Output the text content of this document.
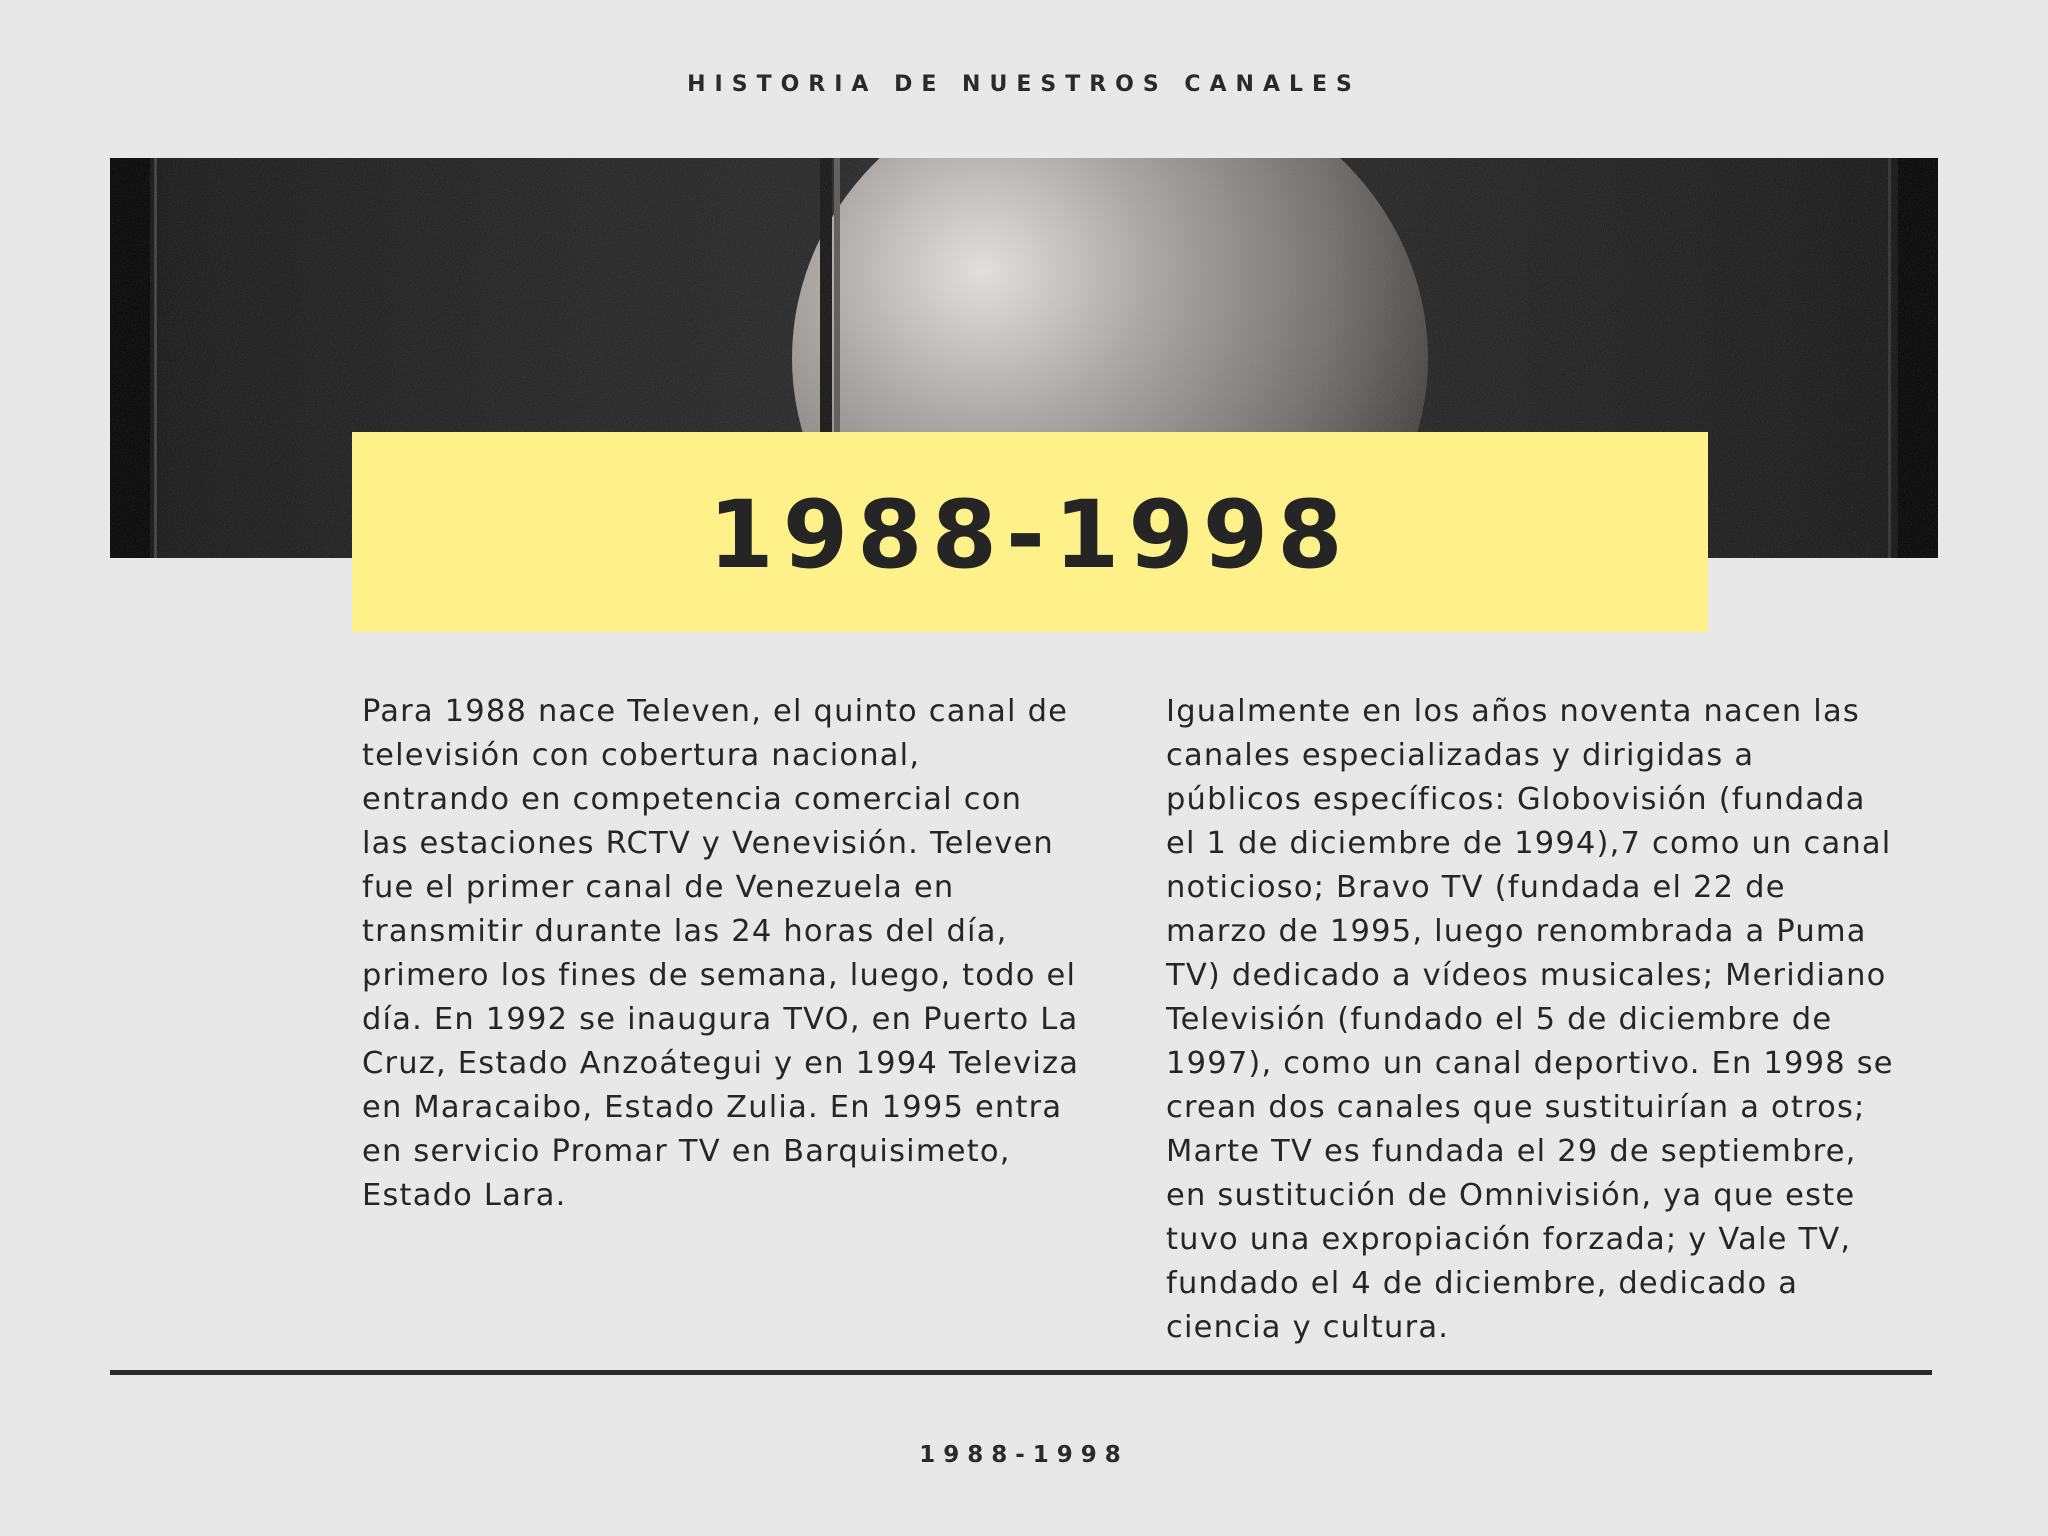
HISTORIA DE NUESTROS CANALES
1988-1998
Para 1988 nace Televen, el quinto canal de
televisión con cobertura nacional,
entrando en competencia comercial con
las estaciones RCTV y Venevisión. Televen
fue el primer canal de Venezuela en
transmitir durante las 24 horas del día,
primero los fines de semana, luego, todo el
día. En 1992 se inaugura TVO, en Puerto La
Cruz, Estado Anzoátegui y en 1994 Televiza
en Maracaibo, Estado Zulia. En 1995 entra
en servicio Promar TV en Barquisimeto,
Estado Lara.
Igualmente en los años noventa nacen las
canales especializadas y dirigidas a
públicos específicos: Globovisión (fundada
el 1 de diciembre de 1994),7 como un canal
noticioso; Bravo TV (fundada el 22 de
marzo de 1995, luego renombrada a Puma
TV) dedicado a vídeos musicales; Meridiano
Televisión (fundado el 5 de diciembre de
1997), como un canal deportivo. En 1998 se
crean dos canales que sustituirían a otros;
Marte TV es fundada el 29 de septiembre,
en sustitución de Omnivisión, ya que este
tuvo una expropiación forzada; y Vale TV,
fundado el 4 de diciembre, dedicado a
ciencia y cultura.
1988-1998
